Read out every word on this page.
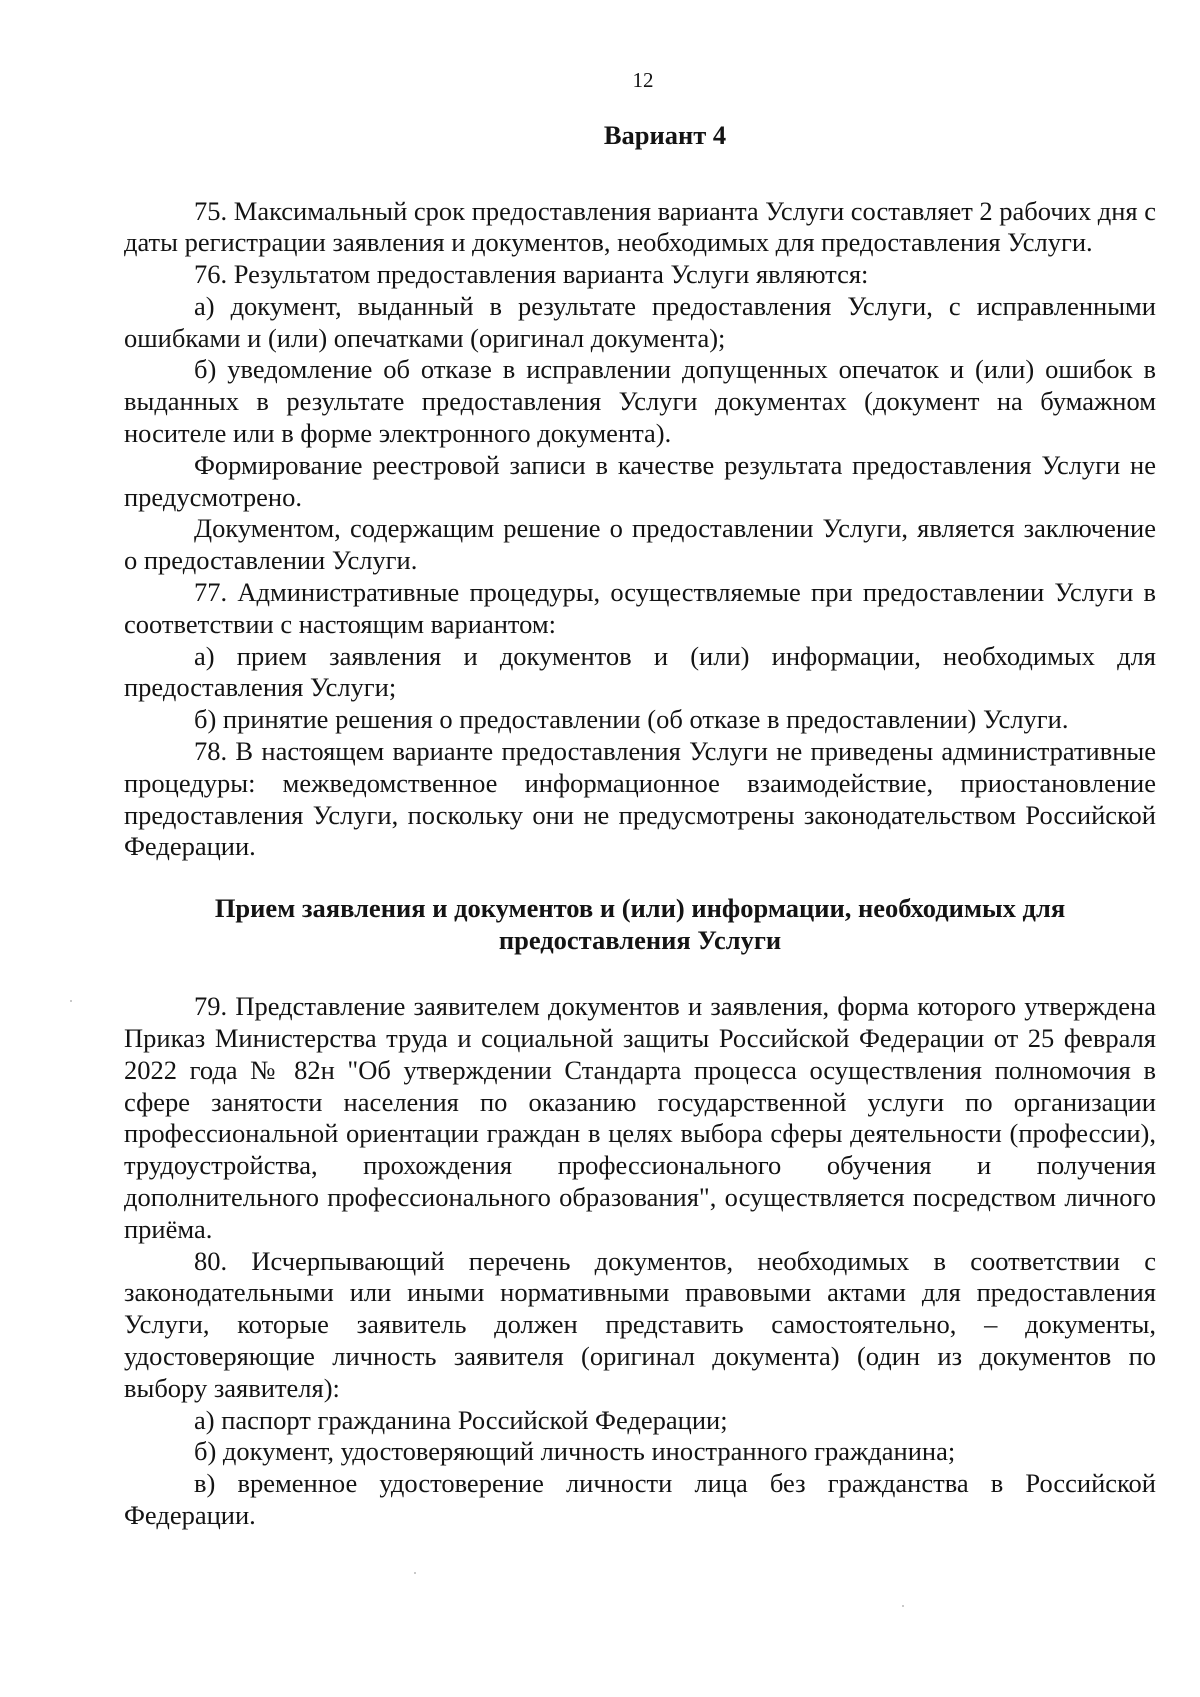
12
Вариант 4

75. Максимальный срок предоставления варианта Услуги составляет 2 рабочих дня с даты регистрации заявления и документов, необходимых для предоставления Услуги.

76. Результатом предоставления варианта Услуги являются:

а) документ, выданный в результате предоставления Услуги, с исправленными ошибками и (или) опечатками (оригинал документа);

б) уведомление об отказе в исправлении допущенных опечаток и (или) ошибок в выданных в результате предоставления Услуги документах (документ на бумажном носителе или в форме электронного документа).

Формирование реестровой записи в качестве результата предоставления Услуги не предусмотрено.

Документом, содержащим решение о предоставлении Услуги, является заключение о предоставлении Услуги.

77. Административные процедуры, осуществляемые при предоставлении Услуги в соответствии с настоящим вариантом:

а) прием заявления и документов и (или) информации, необходимых для предоставления Услуги;

б) принятие решения о предоставлении (об отказе в предоставлении) Услуги.

78. В настоящем варианте предоставления Услуги не приведены административные процедуры: межведомственное информационное взаимодействие, приостановление предоставления Услуги, поскольку они не предусмотрены законодательством Российской Федерации.

Прием заявления и документов и (или) информации, необходимых для предоставления Услуги

79. Представление заявителем документов и заявления, форма которого утверждена Приказ Министерства труда и социальной защиты Российской Федерации от 25 февраля 2022 года № 82н "Об утверждении Стандарта процесса осуществления полномочия в сфере занятости населения по оказанию государственной услуги по организации профессиональной ориентации граждан в целях выбора сферы деятельности (профессии), трудоустройства, прохождения профессионального обучения и получения дополнительного профессионального образования", осуществляется посредством личного приёма.

80. Исчерпывающий перечень документов, необходимых в соответствии с законодательными или иными нормативными правовыми актами для предоставления Услуги, которые заявитель должен представить самостоятельно, – документы, удостоверяющие личность заявителя (оригинал документа) (один из документов по выбору заявителя):

а) паспорт гражданина Российской Федерации;

б) документ, удостоверяющий личность иностранного гражданина;

в) временное удостоверение личности лица без гражданства в Российской Федерации.
